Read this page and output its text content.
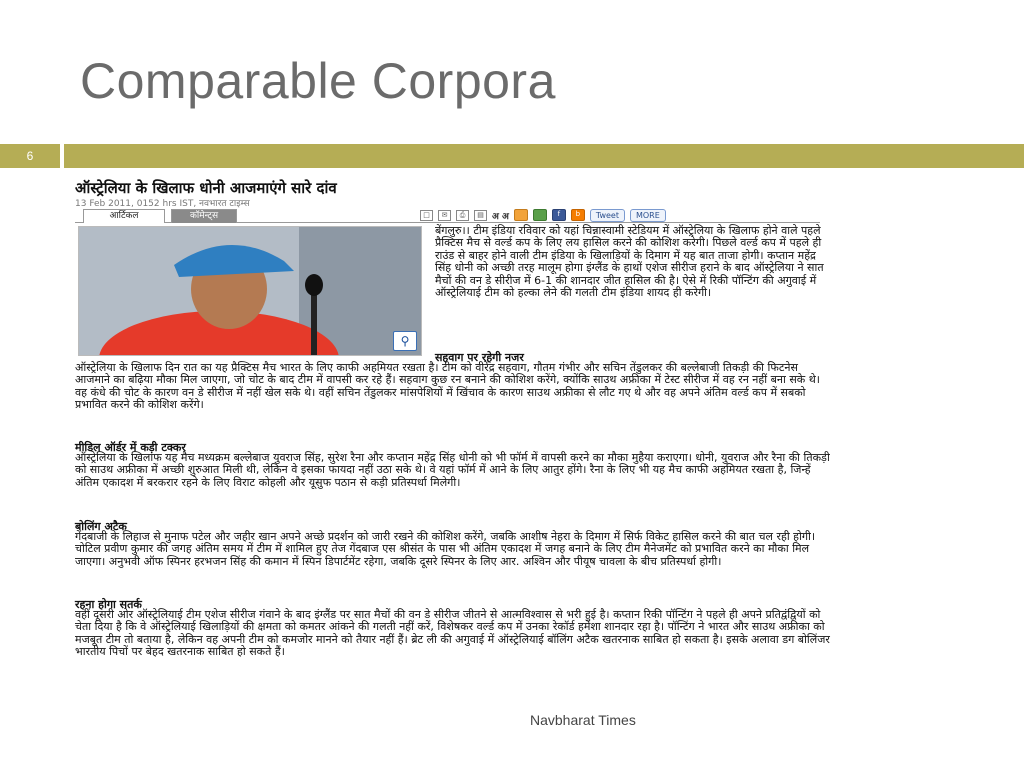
Comparable Corpora
6
ऑस्ट्रेलिया के खिलाफ धोनी आजमाएंगे सारे दांव
13 Feb 2011, 0152 hrs IST, नवभारत टाइम्स
आर्टिकल	कॉमेन्ट्स	□	✉	⎙	▤ अ अ	f	b	Tweet	MORE
⚲
बेंगलुरु।। टीम इंडिया रविवार को यहां चिन्नास्वामी स्टेडियम में ऑस्ट्रेलिया के खिलाफ होने वाले पहले प्रैक्टिस मैच से वर्ल्ड कप के लिए लय हासिल करने की कोशिश करेगी। पिछले वर्ल्ड कप में पहले ही राउंड से बाहर होने वाली टीम इंडिया के खिलाड़ियों के दिमाग में यह बात ताजा होगी। कप्तान महेंद्र सिंह धोनी को अच्छी तरह मालूम होगा इंग्लैंड के हाथों एशेज सीरीज हराने के बाद ऑस्ट्रेलिया ने सात मैचों की वन डे सीरीज में 6-1 की शानदार जीत हासिल की है। ऐसे में रिकी पॉन्टिंग की अगुवाई में ऑस्ट्रेलियाई टीम को हल्का लेने की गलती टीम इंडिया शायद ही करेगी।
सहवाग पर रहेगी नजर
ऑस्ट्रेलिया के खिलाफ दिन रात का यह प्रैक्टिस मैच भारत के लिए काफी अहमियत रखता है। टीम को वीरेंद्र सहवाग, गौतम गंभीर और सचिन तेंडुलकर की बल्लेबाजी तिकड़ी की फिटनेस आजमाने का बढ़िया मौका मिल जाएगा, जो चोट के बाद टीम में वापसी कर रहे हैं। सहवाग कुछ रन बनाने की कोशिश करेंगे, क्योंकि साउथ अफ्रीका में टेस्ट सीरीज में वह रन नहीं बना सके थे। वह कंधे की चोट के कारण वन डे सीरीज में नहीं खेल सके थे। वहीं सचिन तेंडुलकर मांसपेशियों में खिंचाव के कारण साउथ अफ्रीका से लौट गए थे और वह अपने अंतिम वर्ल्ड कप में सबको प्रभावित करने की कोशिश करेंगे।
मीडिल ऑर्डर में कड़ी टक्कर
ऑस्ट्रेलिया के खिलाफ यह मैच मध्यक्रम बल्लेबाज युवराज सिंह, सुरेश रैना और कप्तान महेंद्र सिंह धोनी को भी फॉर्म में वापसी करने का मौका मुहैया कराएगा। धोनी, युवराज और रैना की तिकड़ी को साउथ अफ्रीका में अच्छी शुरुआत मिली थी, लेकिन वे इसका फायदा नहीं उठा सके थे। वे यहां फॉर्म में आने के लिए आतुर होंगे। रैना के लिए भी यह मैच काफी अहमियत रखता है, जिन्हें अंतिम एकादश में बरकरार रहने के लिए विराट कोहली और यूसुफ पठान से कड़ी प्रतिस्पर्धा मिलेगी।
बोलिंग अटैक
गेंदबाजी के लिहाज से मुनाफ पटेल और जहीर खान अपने अच्छे प्रदर्शन को जारी रखने की कोशिश करेंगे, जबकि आशीष नेहरा के दिमाग में सिर्फ विकेट हासिल करने की बात चल रही होगी। चोटिल प्रवीण कुमार की जगह अंतिम समय में टीम में शामिल हुए तेज गेंदबाज एस श्रीसंत के पास भी अंतिम एकादश में जगह बनाने के लिए टीम मैनेजमेंट को प्रभावित करने का मौका मिल जाएगा। अनुभवी ऑफ स्पिनर हरभजन सिंह की कमान में स्पिन डिपार्टमेंट रहेगा, जबकि दूसरे स्पिनर के लिए आर. अश्विन और पीयूष चावला के बीच प्रतिस्पर्धा होगी।
रहना होगा सतर्क
वहीं दूसरी ओर ऑस्ट्रेलियाई टीम एशेज सीरीज गंवाने के बाद इंग्लैंड पर सात मैचों की वन डे सीरीज जीतने से आत्मविश्वास से भरी हुई है। कप्तान रिकी पॉन्टिंग ने पहले ही अपने प्रतिद्वंद्वियों को चेता दिया है कि वे ऑस्ट्रेलियाई खिलाड़ियों की क्षमता को कमतर आंकने की गलती नहीं करें, विशेषकर वर्ल्ड कप में उनका रेकॉर्ड हमेशा शानदार रहा है। पॉन्टिंग ने भारत और साउथ अफ्रीका को मजबूत टीम तो बताया है, लेकिन वह अपनी टीम को कमजोर मानने को तैयार नहीं हैं। ब्रेट ली की अगुवाई में ऑस्ट्रेलियाई बॉलिंग अटैक खतरनाक साबित हो सकता है। इसके अलावा डग बोलिंजर भारतीय पिचों पर बेहद खतरनाक साबित हो सकते हैं।
Navbharat Times
